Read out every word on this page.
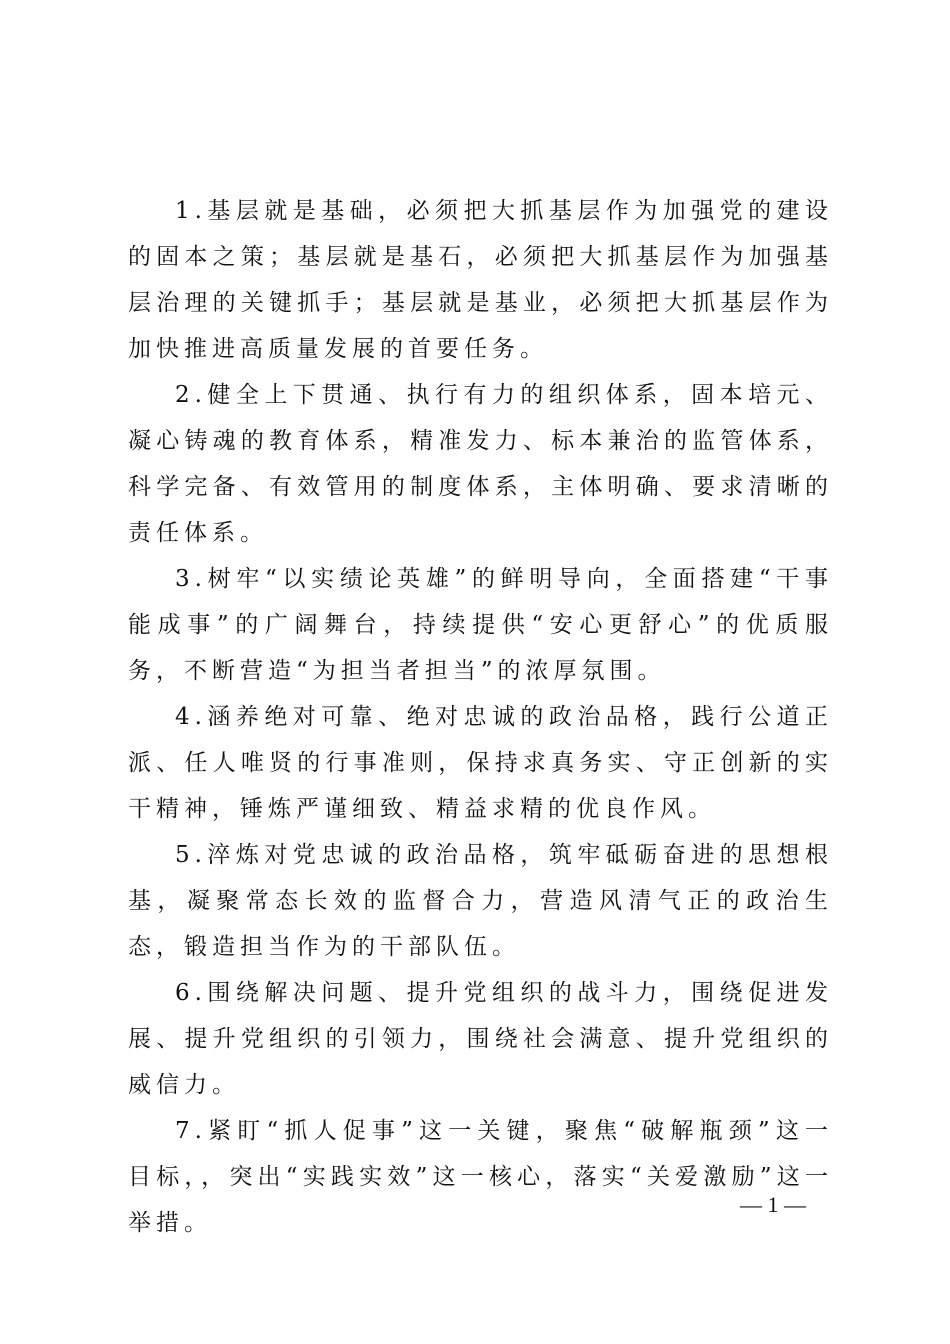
1.基层就是基础，必须把大抓基层作为加强党的建设的固本之策；基层就是基石，必须把大抓基层作为加强基层治理的关键抓手；基层就是基业，必须把大抓基层作为加快推进高质量发展的首要任务。

2.健全上下贯通、执行有力的组织体系，固本培元、凝心铸魂的教育体系，精准发力、标本兼治的监管体系，科学完备、有效管用的制度体系，主体明确、要求清晰的责任体系。

3.树牢“以实绩论英雄”的鲜明导向，全面搭建“干事能成事”的广阔舞台，持续提供“安心更舒心”的优质服务，不断营造“为担当者担当”的浓厚氛围。

4.涵养绝对可靠、绝对忠诚的政治品格，践行公道正派、任人唯贤的行事准则，保持求真务实、守正创新的实干精神，锤炼严谨细致、精益求精的优良作风。

5.淬炼对党忠诚的政治品格，筑牢砥砺奋进的思想根基，凝聚常态长效的监督合力，营造风清气正的政治生态，锻造担当作为的干部队伍。

6.围绕解决问题、提升党组织的战斗力，围绕促进发展、提升党组织的引领力，围绕社会满意、提升党组织的威信力。

7.紧盯“抓人促事”这一关键，聚焦“破解瓶颈”这一目标，，突出“实践实效”这一核心，落实“关爱激励”这一举措。

— 1 —
